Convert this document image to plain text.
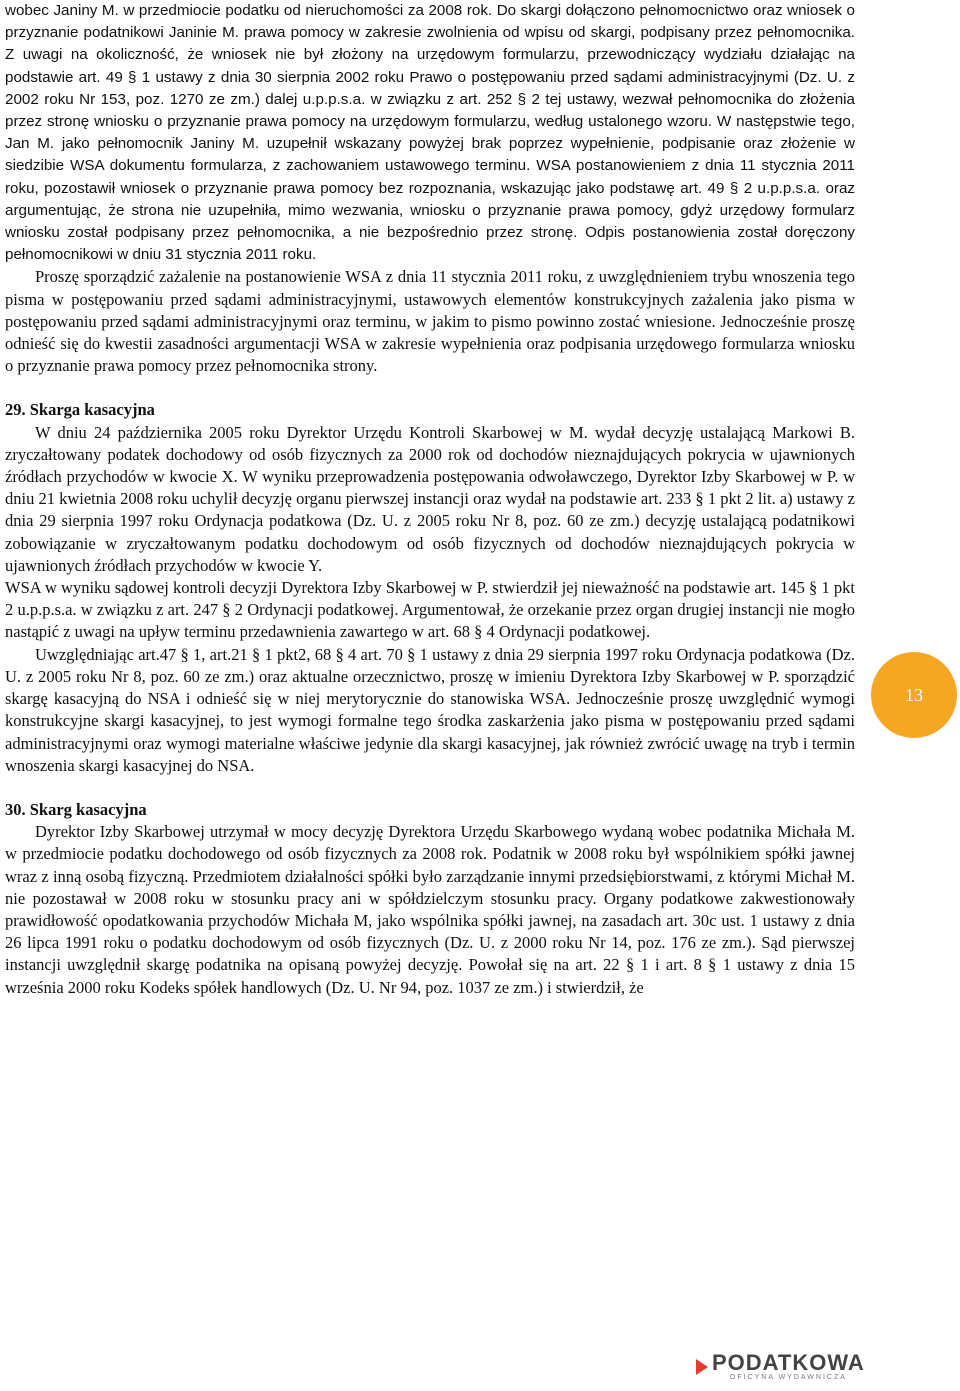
wobec Janiny M. w przedmiocie podatku od nieruchomości za 2008 rok. Do skargi dołączono pełnomocnictwo oraz wniosek o przyznanie podatnikowi Janinie M. prawa pomocy w zakresie zwolnienia od wpisu od skargi, podpisany przez pełnomocnika. Z uwagi na okoliczność, że wniosek nie był złożony na urzędowym formularzu, przewodniczący wydziału działając na podstawie art. 49 § 1 ustawy z dnia 30 sierpnia 2002 roku Prawo o postępowaniu przed sądami administracyjnymi (Dz. U. z 2002 roku Nr 153, poz. 1270 ze zm.) dalej u.p.p.s.a. w związku z art. 252 § 2 tej ustawy, wezwał pełnomocnika do złożenia przez stronę wniosku o przyznanie prawa pomocy na urzędowym formularzu, według ustalonego wzoru. W następstwie tego, Jan M. jako pełnomocnik Janiny M. uzupełnił wskazany powyżej brak poprzez wypełnienie, podpisanie oraz złożenie w siedzibie WSA dokumentu formularza, z zachowaniem ustawowego terminu. WSA postanowieniem z dnia 11 stycznia 2011 roku, pozostawił wniosek o przyznanie prawa pomocy bez rozpoznania, wskazując jako podstawę art. 49 § 2 u.p.p.s.a. oraz argumentując, że strona nie uzupełniła, mimo wezwania, wniosku o przyznanie prawa pomocy, gdyż urzędowy formularz wniosku został podpisany przez pełnomocnika, a nie bezpośrednio przez stronę. Odpis postanowienia został doręczony pełnomocnikowi w dniu 31 stycznia 2011 roku.

Proszę sporządzić zażalenie na postanowienie WSA z dnia 11 stycznia 2011 roku, z uwzględnieniem trybu wnoszenia tego pisma w postępowaniu przed sądami administracyjnymi, ustawowych elementów konstrukcyjnych zażalenia jako pisma w postępowaniu przed sądami administracyjnymi oraz terminu, w jakim to pismo powinno zostać wniesione. Jednocześnie proszę odnieść się do kwestii zasadności argumentacji WSA w zakresie wypełnienia oraz podpisania urzędowego formularza wniosku o przyznanie prawa pomocy przez pełnomocnika strony.

29. Skarga kasacyjna

W dniu 24 października 2005 roku Dyrektor Urzędu Kontroli Skarbowej w M. wydał decyzję ustalającą Markowi B. zryczałtowany podatek dochodowy od osób fizycznych za 2000 rok od dochodów nieznajdujących pokrycia w ujawnionych źródłach przychodów w kwocie X. W wyniku przeprowadzenia postępowania odwoławczego, Dyrektor Izby Skarbowej w P. w dniu 21 kwietnia 2008 roku uchylił decyzję organu pierwszej instancji oraz wydał na podstawie art. 233 § 1 pkt 2 lit. a) ustawy z dnia 29 sierpnia 1997 roku Ordynacja podatkowa (Dz. U. z 2005 roku Nr 8, poz. 60 ze zm.) decyzję ustalającą podatnikowi zobowiązanie w zryczałtowanym podatku dochodowym od osób fizycznych od dochodów nieznajdujących pokrycia w ujawnionych źródłach przychodów w kwocie Y.

WSA w wyniku sądowej kontroli decyzji Dyrektora Izby Skarbowej w P. stwierdził jej nieważność na podstawie art. 145 § 1 pkt 2 u.p.p.s.a. w związku z art. 247 § 2 Ordynacji podatkowej. Argumentował, że orzekanie przez organ drugiej instancji nie mogło nastąpić z uwagi na upływ terminu przedawnienia zawartego w art. 68 § 4 Ordynacji podatkowej.

Uwzględniając art.47 § 1, art.21 § 1 pkt2, 68 § 4 art. 70 § 1 ustawy z dnia 29 sierpnia 1997 roku Ordynacja podatkowa (Dz. U. z 2005 roku Nr 8, poz. 60 ze zm.) oraz aktualne orzecznictwo, proszę w imieniu Dyrektora Izby Skarbowej w P. sporządzić skargę kasacyjną do NSA i odnieść się w niej merytorycznie do stanowiska WSA. Jednocześnie proszę uwzględnić wymogi konstrukcyjne skargi kasacyjnej, to jest wymogi formalne tego środka zaskarżenia jako pisma w postępowaniu przed sądami administracyjnymi oraz wymogi materialne właściwe jedynie dla skargi kasacyjnej, jak również zwrócić uwagę na tryb i termin wnoszenia skargi kasacyjnej do NSA.

30. Skarg kasacyjna

Dyrektor Izby Skarbowej utrzymał w mocy decyzję Dyrektora Urzędu Skarbowego wydaną wobec podatnika Michała M. w przedmiocie podatku dochodowego od osób fizycznych za 2008 rok. Podatnik w 2008 roku był wspólnikiem spółki jawnej wraz z inną osobą fizyczną. Przedmiotem działalności spółki było zarządzanie innymi przedsiębiorstwami, z którymi Michał M. nie pozostawał w 2008 roku w stosunku pracy ani w spółdzielczym stosunku pracy. Organy podatkowe zakwestionowały prawidłowość opodatkowania przychodów Michała M, jako wspólnika spółki jawnej, na zasadach art. 30c ust. 1 ustawy z dnia 26 lipca 1991 roku o podatku dochodowym od osób fizycznych (Dz. U. z 2000 roku Nr 14, poz. 176 ze zm.). Sąd pierwszej instancji uwzględnił skargę podatnika na opisaną powyżej decyzję. Powołał się na art. 22 § 1 i art. 8 § 1 ustawy z dnia 15 września 2000 roku Kodeks spółek handlowych (Dz. U. Nr 94, poz. 1037 ze zm.) i stwierdził, że

13
PODATKOWA
OFICYNA WYDAWNICZA
